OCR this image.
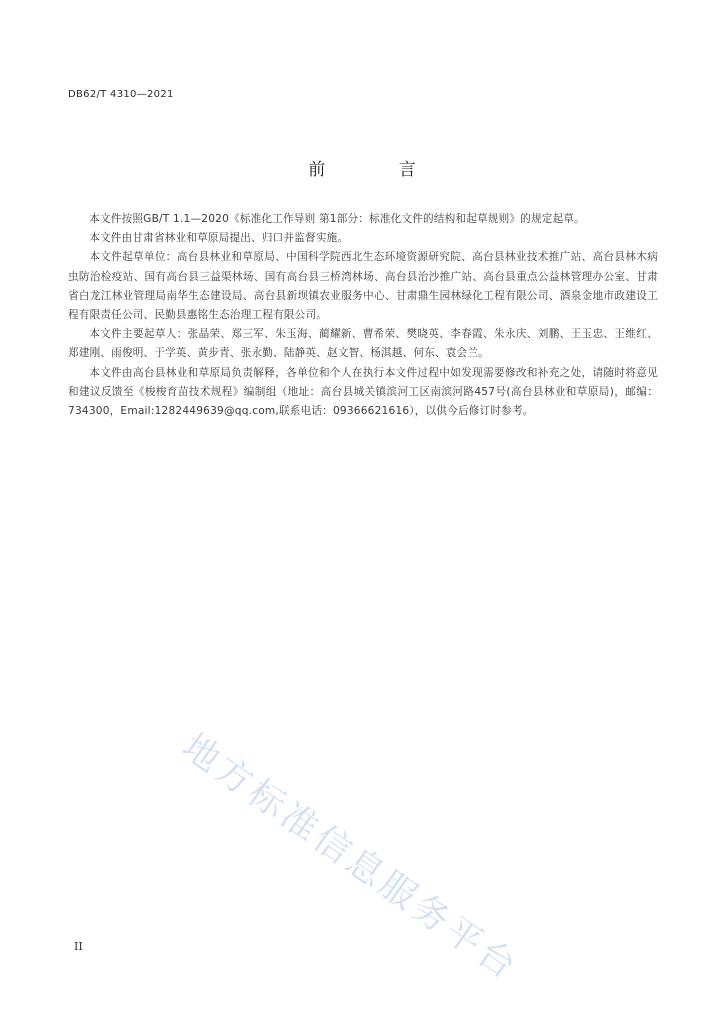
DB62/T 4310—2021
前 言

本文件按照GB/T 1.1—2020《标准化工作导则 第1部分：标准化文件的结构和起草规则》的规定起草。

本文件由甘肃省林业和草原局提出、归口并监督实施。

本文件起草单位：高台县林业和草原局、中国科学院西北生态环境资源研究院、高台县林业技术推广站、高台县林木病虫防治检疫站、国有高台县三益渠林场、国有高台县三桥湾林场、高台县治沙推广站、高台县重点公益林管理办公室、甘肃省白龙江林业管理局南华生态建设局、高台县新坝镇农业服务中心、甘肃鼎生园林绿化工程有限公司、酒泉金地市政建设工程有限责任公司、民勤县惠铭生态治理工程有限公司。

本文件主要起草人：张晶荣、郑三军、朱玉海、蔺耀新、曹希荣、樊晓英、李春霞、朱永庆、刘鹏、王玉忠、王维红、郑建刚、雨俊明、于学英、黄步青、张永勤、陆静英、赵文智、杨淇越、何东、袁会兰。

本文件由高台县林业和草原局负责解释，各单位和个人在执行本文件过程中如发现需要修改和补充之处，请随时将意见和建议反馈至《梭梭育苗技术规程》编制组（地址：高台县城关镇滨河工区南滨河路457号(高台县林业和草原局)，邮编：734300，Email:1282449639@qq.com,联系电话：09366621616），以供今后修订时参考。

地方标准信息服务平台
II
